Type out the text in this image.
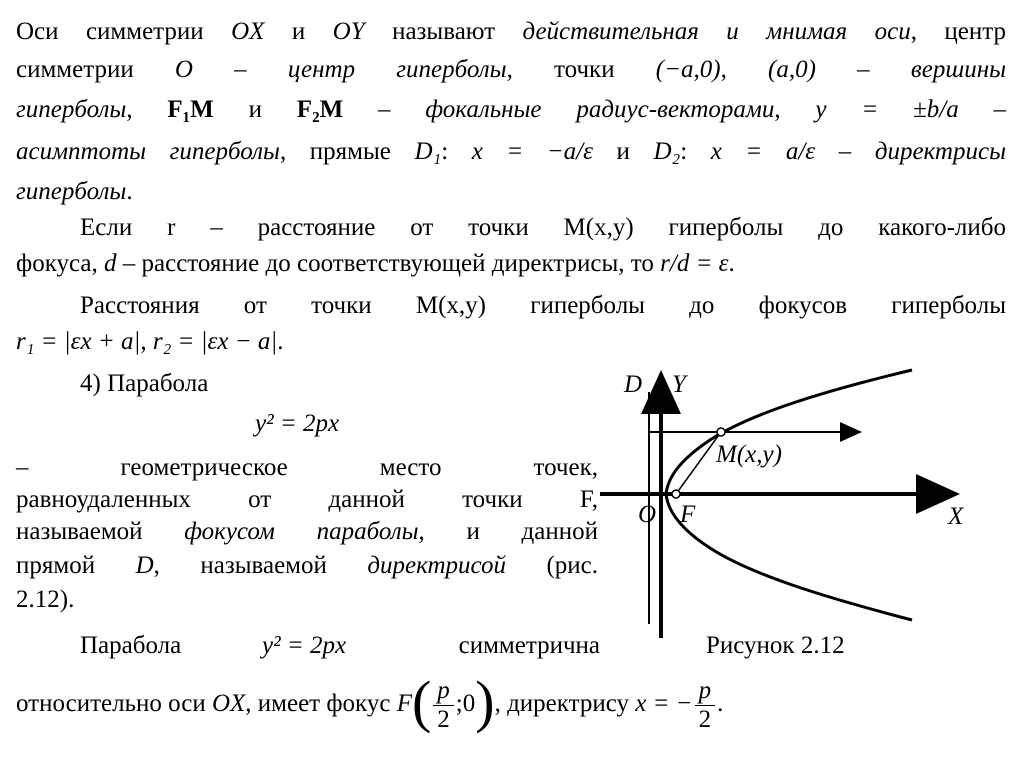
Оси симметрии OX и OY называют действительная и мнимая оси, центр
симметрии O – центр гиперболы, точки (−a,0), (a,0) – вершины
гиперболы, F₁M и F₂M – фокальные радиус-векторами, y = ±b/a –
асимптоты гиперболы, прямые D₁: x = −a/ε и D₂: x = a/ε – директрисы
гиперболы.
Если r – расстояние от точки M(x,y) гиперболы до какого-либо
фокуса, d – расстояние до соответствующей директрисы, то r/d = ε.
Расстояния от точки M(x,y) гиперболы до фокусов гиперболы
r₁ = |εx + a|, r₂ = |εx − a|.
4) Парабола
y² = 2px
– геометрическое место точек,
равноудаленных от данной точки F,
называемой фокусом параболы, и данной
прямой D, называемой директрисой (рис.
2.12).
Парабола	y² = 2px	симметрична
относительно оси OX, имеет фокус $F( \frac{p}{2}$ ;0), директрису x = − $\frac{p}{2}$ .
D Y
M(x,y)
O F	X
Рисунок 2.12
